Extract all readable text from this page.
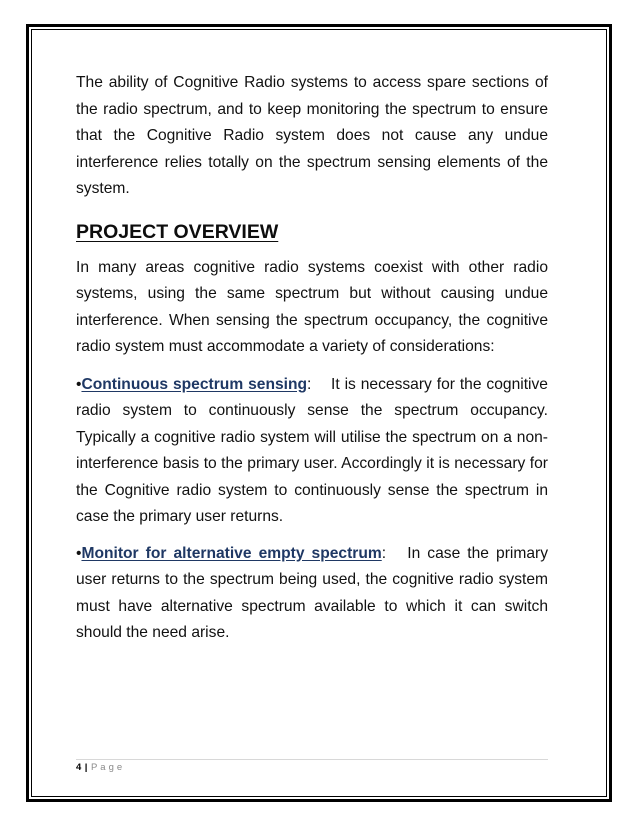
The ability of Cognitive Radio systems to access spare sections of the radio spectrum, and to keep monitoring the spectrum to ensure that the Cognitive Radio system does not cause any undue interference relies totally on the spectrum sensing elements of the system.

PROJECT OVERVIEW

In many areas cognitive radio systems coexist with other radio systems, using the same spectrum but without causing undue interference. When sensing the spectrum occupancy, the cognitive radio system must accommodate a variety of considerations:

•Continuous spectrum sensing: It is necessary for the cognitive radio system to continuously sense the spectrum occupancy. Typically a cognitive radio system will utilise the spectrum on a non-interference basis to the primary user. Accordingly it is necessary for the Cognitive radio system to continuously sense the spectrum in case the primary user returns.

•Monitor for alternative empty spectrum: In case the primary user returns to the spectrum being used, the cognitive radio system must have alternative spectrum available to which it can switch should the need arise.

4 | Page
